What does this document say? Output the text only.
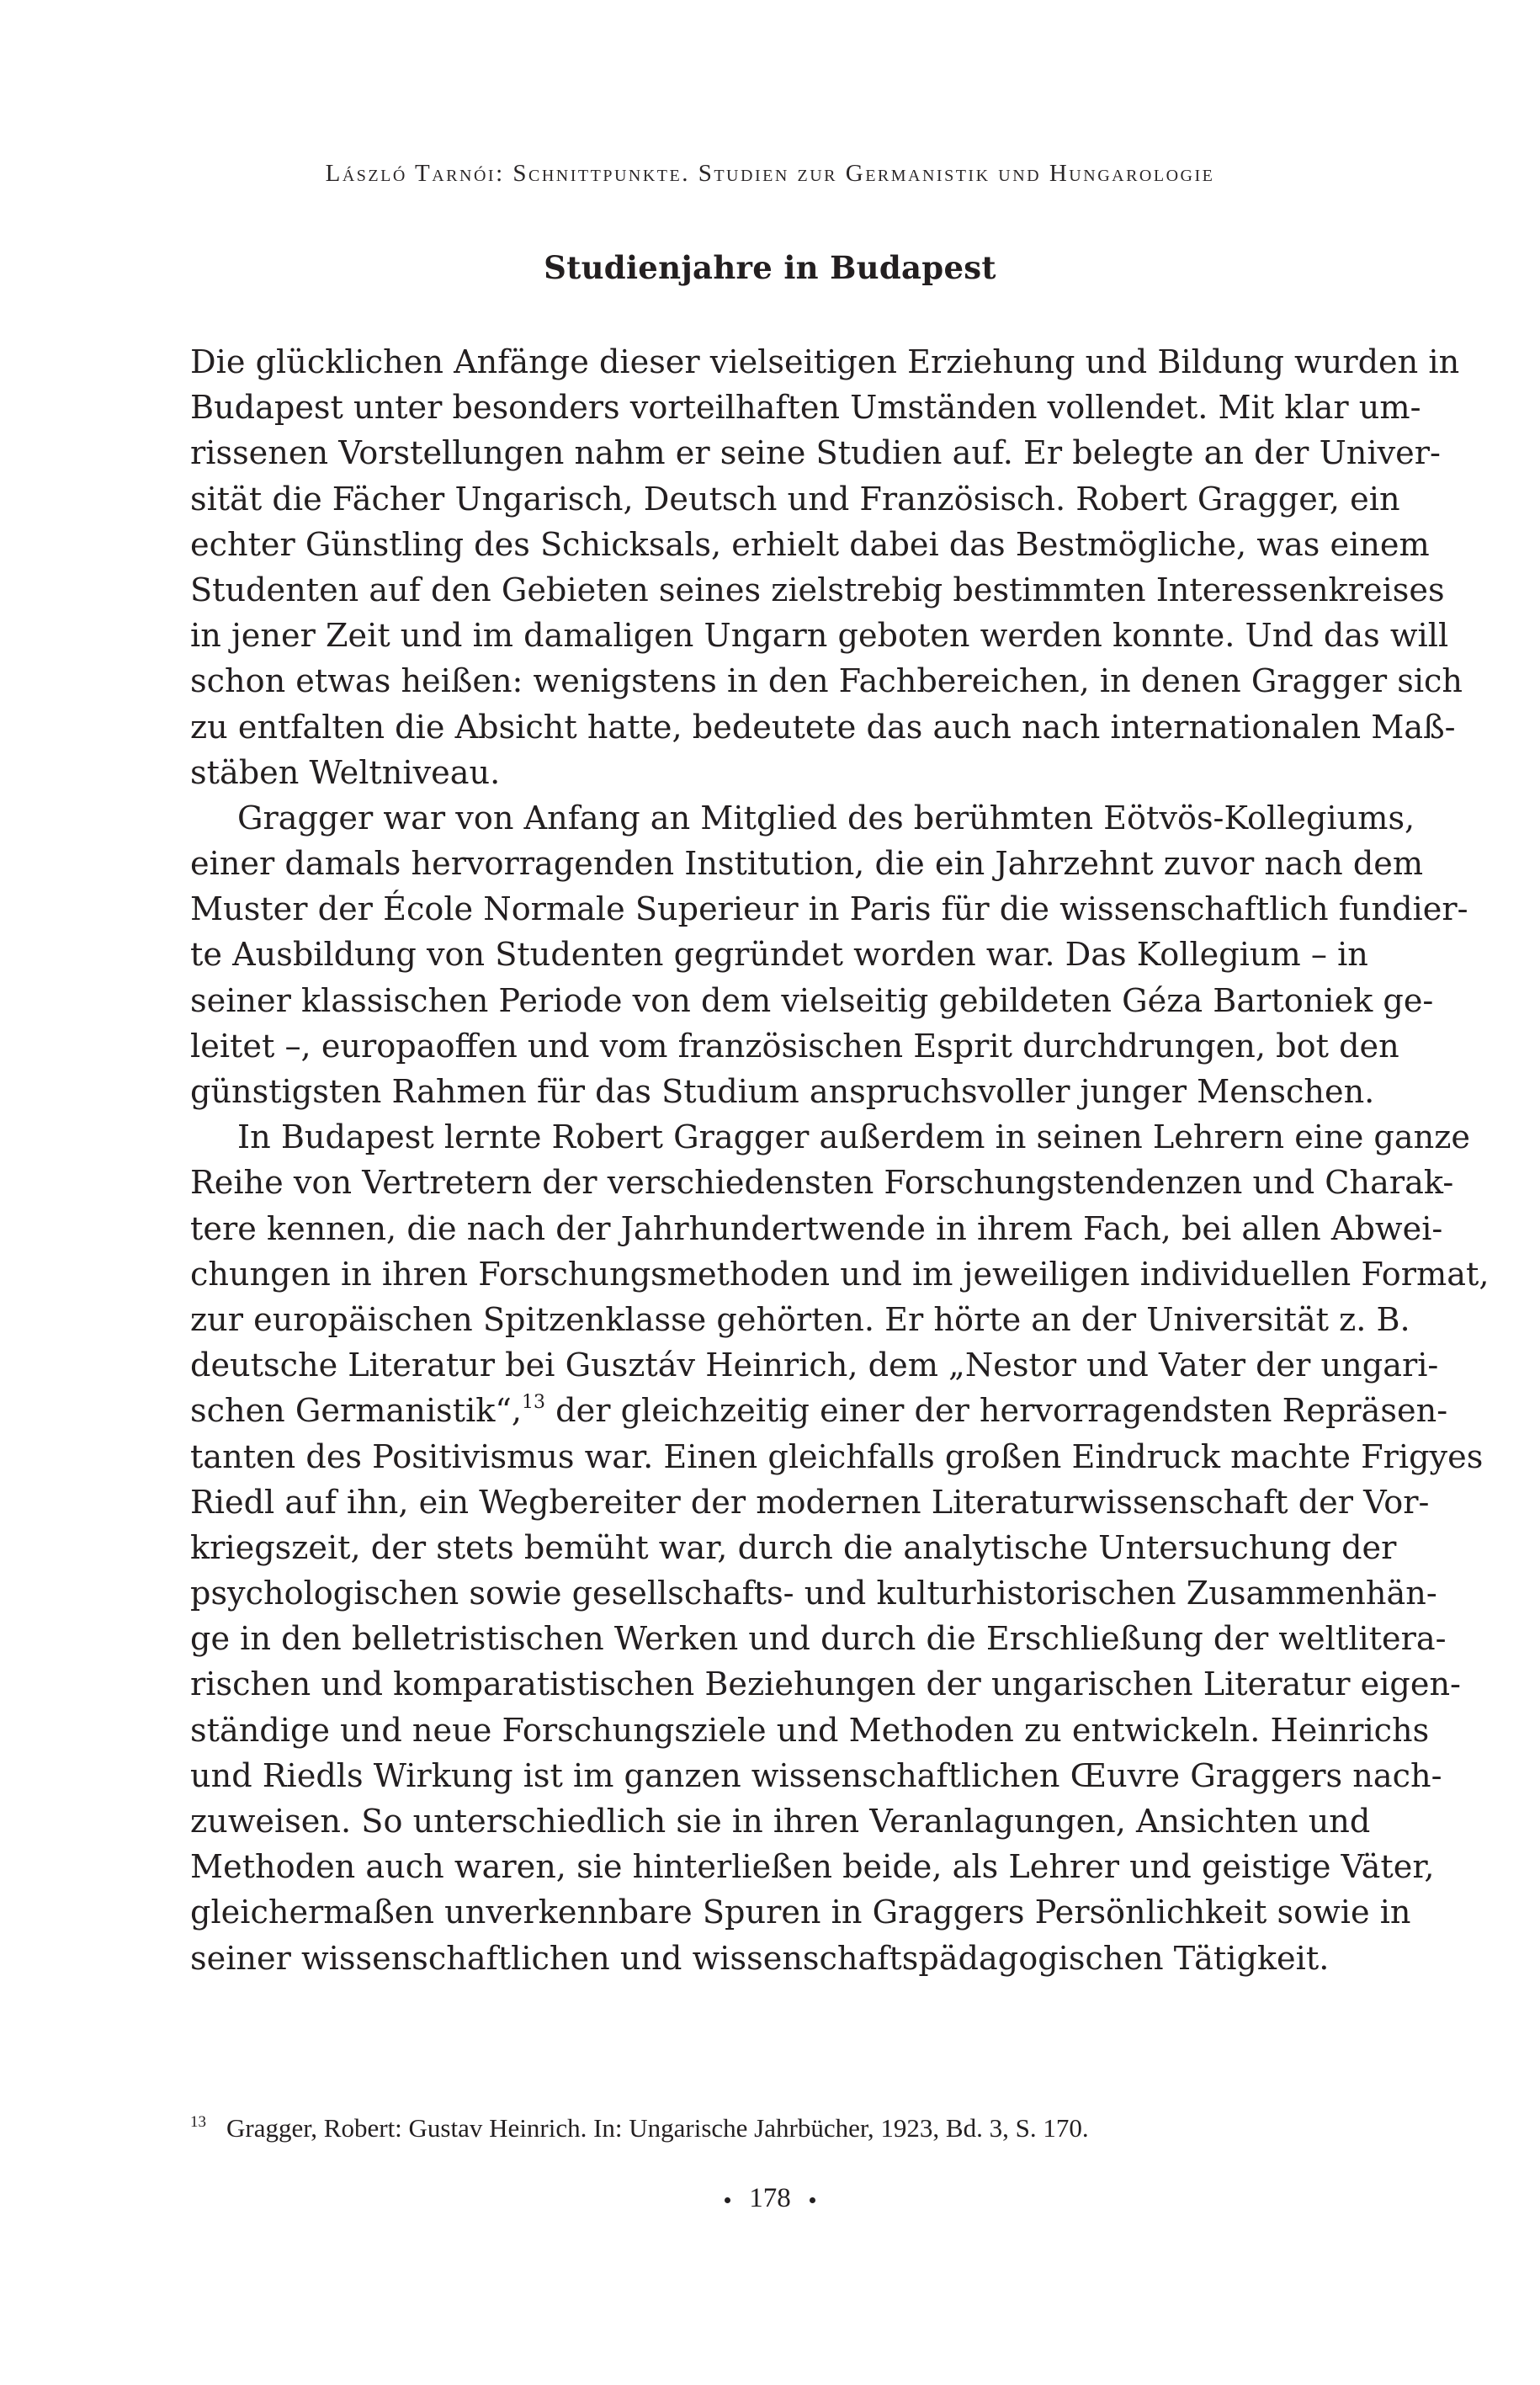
László Tarnói: Schnittpunkte. Studien zur Germanistik und Hungarologie
Studienjahre in Budapest
Die glücklichen Anfänge dieser vielseitigen Erziehung und Bildung wurden in
Budapest unter besonders vorteilhaften Umständen vollendet. Mit klar um-
rissenen Vorstellungen nahm er seine Studien auf. Er belegte an der Univer-
sität die Fächer Ungarisch, Deutsch und Französisch. Robert Gragger, ein
echter Günstling des Schicksals, erhielt dabei das Bestmögliche, was einem
Studenten auf den Gebieten seines zielstrebig bestimmten Interessenkreises
in jener Zeit und im damaligen Ungarn geboten werden konnte. Und das will
schon etwas heißen: wenigstens in den Fachbereichen, in denen Gragger sich
zu entfalten die Absicht hatte, bedeutete das auch nach internationalen Maß-
stäben Weltniveau.
Gragger war von Anfang an Mitglied des berühmten Eötvös-Kollegiums,
einer damals hervorragenden Institution, die ein Jahrzehnt zuvor nach dem
Muster der École Normale Superieur in Paris für die wissenschaftlich fundier-
te Ausbildung von Studenten gegründet worden war. Das Kollegium – in
seiner klassischen Periode von dem vielseitig gebildeten Géza Bartoniek ge-
leitet –, europaoffen und vom französischen Esprit durchdrungen, bot den
günstigsten Rahmen für das Studium anspruchsvoller junger Menschen.
In Budapest lernte Robert Gragger außerdem in seinen Lehrern eine ganze
Reihe von Vertretern der verschiedensten Forschungstendenzen und Charak-
tere kennen, die nach der Jahrhundertwende in ihrem Fach, bei allen Abwei-
chungen in ihren Forschungsmethoden und im jeweiligen individuellen Format,
zur europäischen Spitzenklasse gehörten. Er hörte an der Universität z. B.
deutsche Literatur bei Gusztáv Heinrich, dem „Nestor und Vater der ungari-
schen Germanistik“,$^{13}$ der gleichzeitig einer der hervorragendsten Repräsen-
tanten des Positivismus war. Einen gleichfalls großen Eindruck machte Frigyes
Riedl auf ihn, ein Wegbereiter der modernen Literaturwissenschaft der Vor-
kriegszeit, der stets bemüht war, durch die analytische Untersuchung der
psychologischen sowie gesellschafts- und kulturhistorischen Zusammenhän-
ge in den belletristischen Werken und durch die Erschließung der weltlitera-
rischen und komparatistischen Beziehungen der ungarischen Literatur eigen-
ständige und neue Forschungsziele und Methoden zu entwickeln. Heinrichs
und Riedls Wirkung ist im ganzen wissenschaftlichen Œuvre Graggers nach-
zuweisen. So unterschiedlich sie in ihren Veranlagungen, Ansichten und
Methoden auch waren, sie hinterließen beide, als Lehrer und geistige Väter,
gleichermaßen unverkennbare Spuren in Graggers Persönlichkeit sowie in
seiner wissenschaftlichen und wissenschaftspädagogischen Tätigkeit.
$^{13}$ Gragger, Robert: Gustav Heinrich. In: Ungarische Jahrbücher, 1923, Bd. 3, S. 170.
178
